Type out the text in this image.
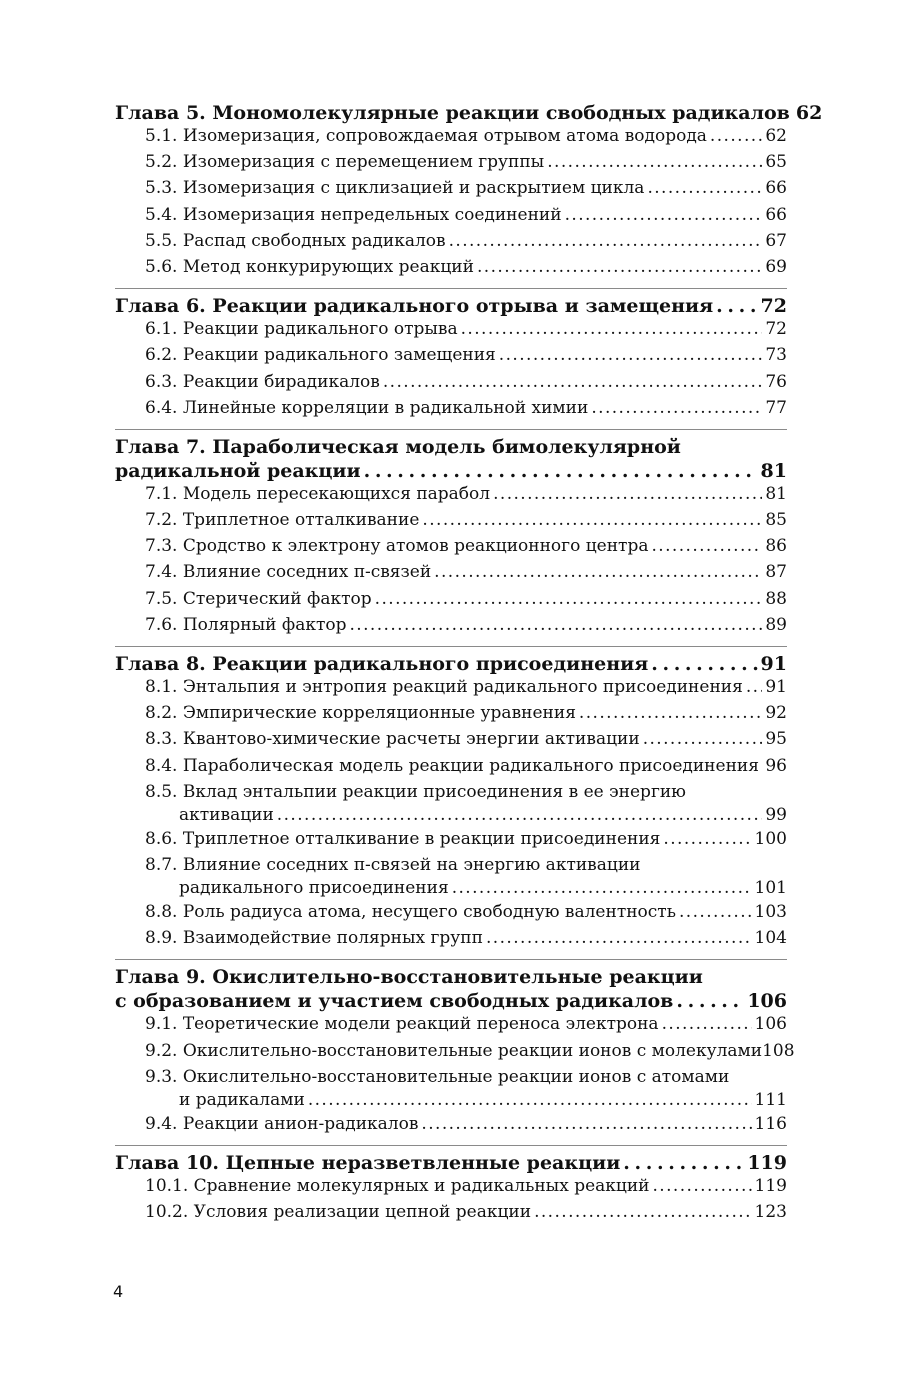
Глава 5. Мономолекулярные реакции свободных радикалов 62
5.1. Изомеризация, сопровождаемая отрывом атома водорода . . .	62
5.2. Изомеризация с перемещением группы . . .	65
5.3. Изомеризация с циклизацией и раскрытием цикла . . .	66
5.4. Изомеризация непредельных соединений . . .	66
5.5. Распад свободных радикалов . . .	67
5.6. Метод конкурирующих реакций . . .	69
Глава 6. Реакции радикального отрыва и замещения . . . 72
6.1. Реакции радикального отрыва . . .	72
6.2. Реакции радикального замещения . . .	73
6.3. Реакции бирадикалов . . .	76
6.4. Линейные корреляции в радикальной химии . . .	77
Глава 7. Параболическая модель бимолекулярной
радикальной реакции . . .	81
7.1. Модель пересекающихся парабол . . .	81
7.2. Триплетное отталкивание . . .	85
7.3. Сродство к электрону атомов реакционного центра . . .	86
7.4. Влияние соседних π-связей . . .	87
7.5. Стерический фактор . . .	88
7.6. Полярный фактор . . .	89
Глава 8. Реакции радикального присоединения . . .	91
8.1. Энтальпия и энтропия реакций радикального присоединения . . . 91
8.2. Эмпирические корреляционные уравнения . . .	92
8.3. Квантово-химические расчеты энергии активации . . .	95
8.4. Параболическая модель реакции радикального присоединения . . . 96
8.5. Вклад энтальпии реакции присоединения в ее энергию
активации . . .	99
8.6. Триплетное отталкивание в реакции присоединения . . .	100
8.7. Влияние соседних π-связей на энергию активации
радикального присоединения . . .	101
8.8. Роль радиуса атома, несущего свободную валентность . . .	103
8.9. Взаимодействие полярных групп . . .	104
Глава 9. Окислительно-восстановительные реакции
с образованием и участием свободных радикалов . . .	106
9.1. Теоретические модели реакций переноса электрона . . .	106
9.2. Окислительно-восстановительные реакции ионов с молекулами 108
9.3. Окислительно-восстановительные реакции ионов с атомами
и радикалами . . .	111
9.4. Реакции анион-радикалов . . .	116
Глава 10. Цепные неразветвленные реакции . . .	119
10.1. Сравнение молекулярных и радикальных реакций . . .	119
10.2. Условия реализации цепной реакции . . .	123
4
